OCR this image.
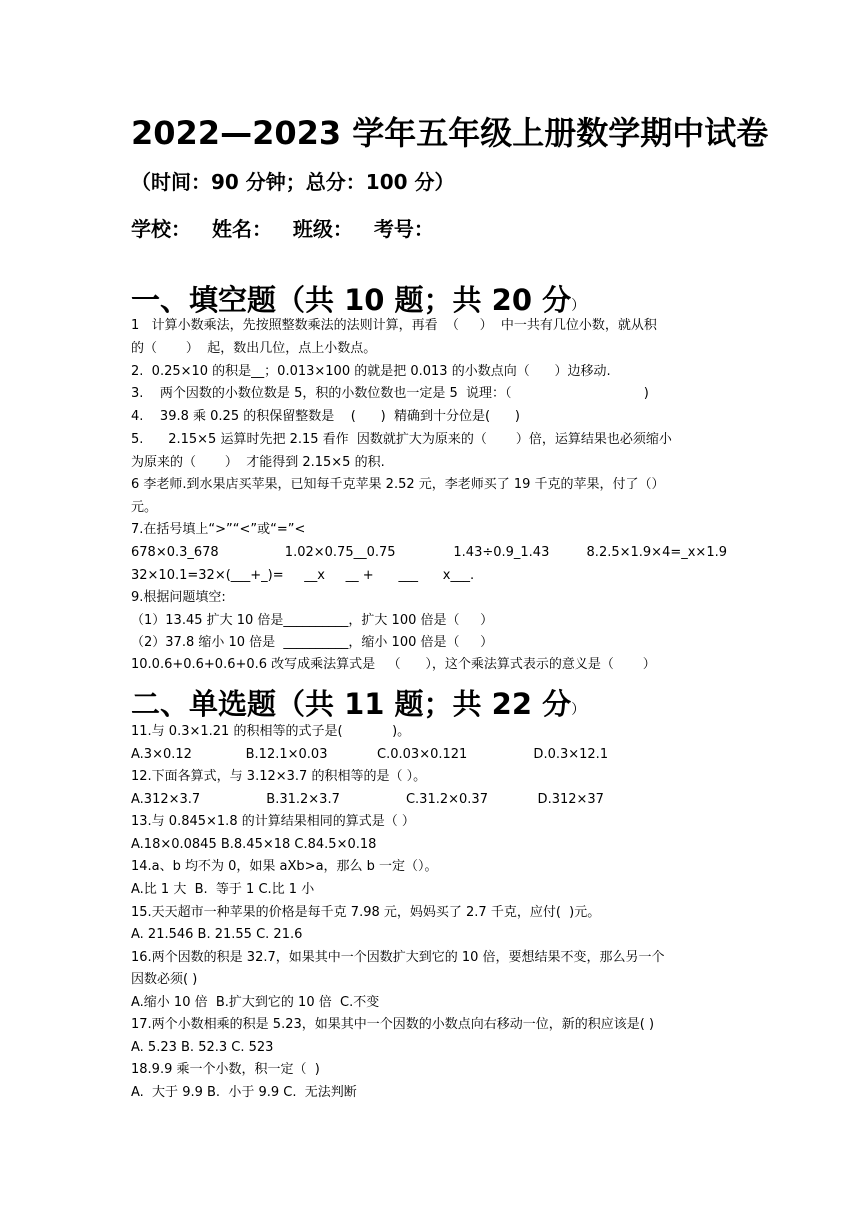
2022—2023 学年五年级上册数学期中试卷
（时间：90 分钟；总分：100 分）
学校： 姓名： 班级： 考号：
一、填空题（共 10 题；共 20 分）
1   计算小数乘法，先按照整数乘法的法则计算，再看  （     ）  中一共有几位小数，就从积
的（       ）  起，数出几位，点上小数点。
2.  0.25×10 的积是__；0.013×100 的就是把 0.013 的小数点向（      ）边移动.
3.    两个因数的小数位数是 5，积的小数位数也一定是 5  说理：（                                )
4.    39.8 乘 0.25 的积保留整数是    (      )  精确到十分位是(      )
5.      2.15×5 运算时先把 2.15 看作  因数就扩大为原来的（       ）倍，运算结果也必须缩小
为原来的（       ）  才能得到 2.15×5 的积.
6 李老师.到水果店买苹果，已知每千克苹果 2.52 元，李老师买了 19 千克的苹果，付了（）
元。
7.在括号填上“>”“<”或“=”<
678×0.3_678                1.02×0.75__0.75              1.43÷0.9_1.43         8.2.5×1.9×4=_x×1.9
32×10.1=32×(___+_)=     __x     __ +      ___      x___.
9.根据问题填空:
（1）13.45 扩大 10 倍是__________，扩大 100 倍是（     ）
（2）37.8 缩小 10 倍是  __________，缩小 100 倍是（     ）
10.0.6+0.6+0.6+0.6 改写成乘法算式是   （      ），这个乘法算式表示的意义是（       ）
二、单选题（共 11 题；共 22 分）
11.与 0.3×1.21 的积相等的式子是(            )。
A.3×0.12             B.12.1×0.03            C.0.03×0.121                D.0.3×12.1
12.下面各算式，与 3.12×3.7 的积相等的是（ ）。
A.312×3.7                B.31.2×3.7                C.31.2×0.37            D.312×37
13.与 0.845×1.8 的计算结果相同的算式是（ ）
A.18×0.0845 B.8.45×18 C.84.5×0.18
14.a、b 均不为 0，如果 aXb>a，那么 b 一定（）。
A.比 1 大  B.  等于 1 C.比 1 小
15.天天超市一种苹果的价格是每千克 7.98 元，妈妈买了 2.7 千克，应付(  )元。
A. 21.546 B. 21.55 C. 21.6
16.两个因数的积是 32.7，如果其中一个因数扩大到它的 10 倍，要想结果不变，那么另一个
因数必须( )
A.缩小 10 倍  B.扩大到它的 10 倍  C.不变
17.两个小数相乘的积是 5.23，如果其中一个因数的小数点向右移动一位，新的积应该是( )
A. 5.23 B. 52.3 C. 523
18.9.9 乘一个小数，积一定（  )
A.  大于 9.9 B.  小于 9.9 C.  无法判断
